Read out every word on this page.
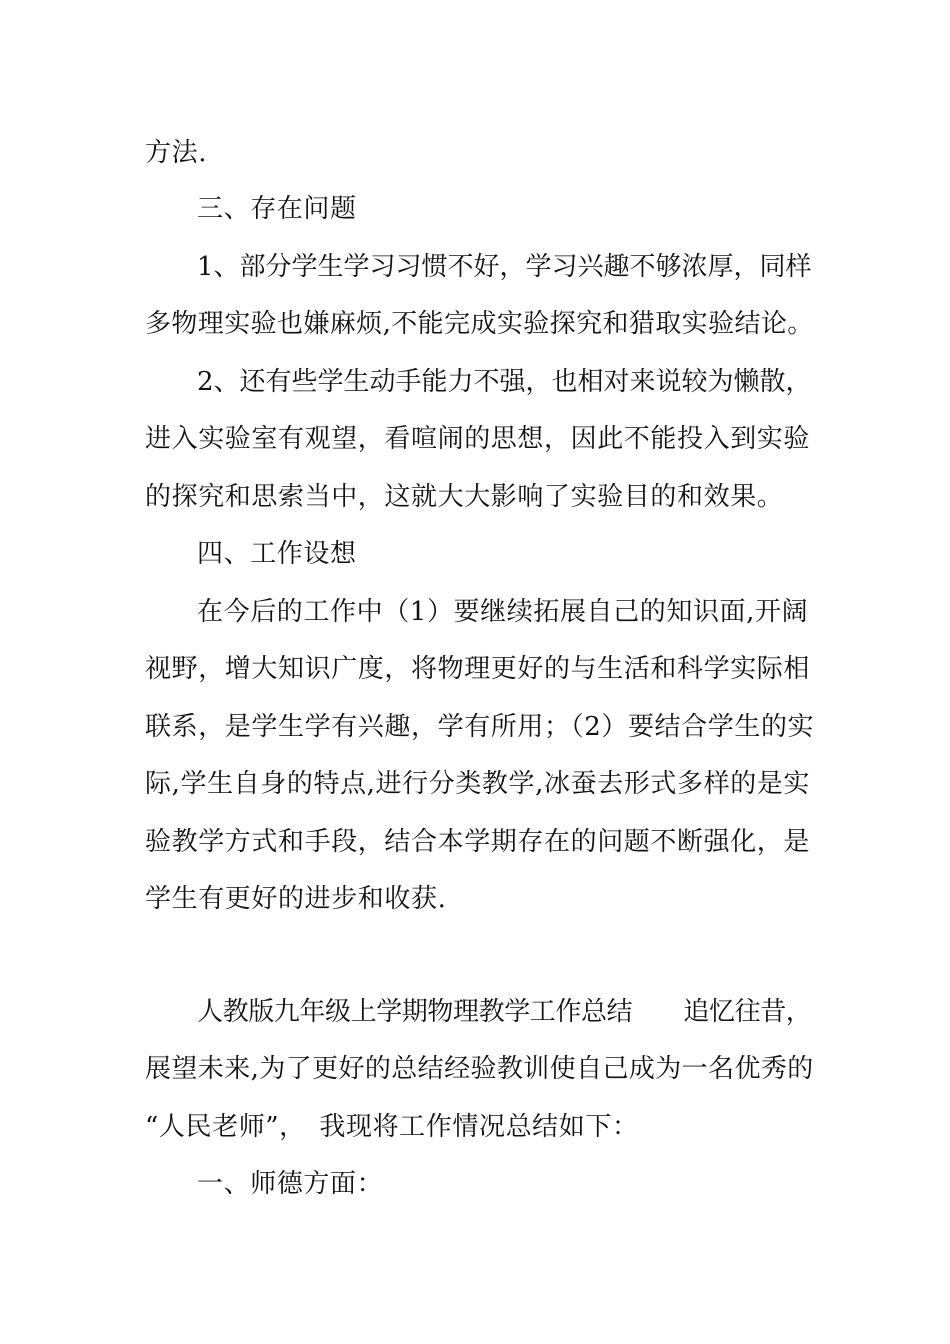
方法.
三、存在问题
1、部分学生学习习惯不好，学习兴趣不够浓厚，同样
多物理实验也嫌麻烦,不能完成实验探究和猎取实验结论。
2、还有些学生动手能力不强，也相对来说较为懒散，
进入实验室有观望，看喧闹的思想，因此不能投入到实验
的探究和思索当中，这就大大影响了实验目的和效果。
四、工作设想
在今后的工作中（1）要继续拓展自己的知识面,开阔
视野，增大知识广度，将物理更好的与生活和科学实际相
联系，是学生学有兴趣，学有所用；（2）要结合学生的实
际,学生自身的特点,进行分类教学,冰蚕去形式多样的是实
验教学方式和手段，结合本学期存在的问题不断强化，是
学生有更好的进步和收获.
人教版九年级上学期物理教学工作总结　　追忆往昔，
展望未来,为了更好的总结经验教训使自己成为一名优秀的
“人民老师”，　我现将工作情况总结如下：
一、师德方面：
